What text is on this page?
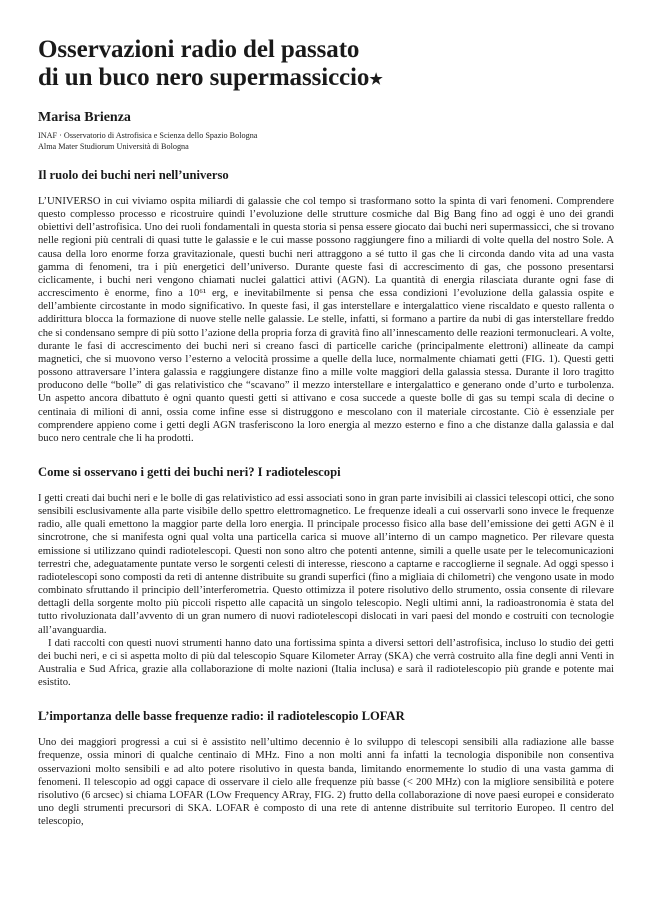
Osservazioni radio del passato
di un buco nero supermassiccio★
Marisa Brienza
INAF · Osservatorio di Astrofisica e Scienza dello Spazio Bologna
Alma Mater Studiorum Università di Bologna
Il ruolo dei buchi neri nell’universo

L’UNIVERSO in cui viviamo ospita miliardi di galassie che col tempo si trasformano sotto la spinta di vari fenomeni. Comprendere questo complesso processo e ricostruire quindi l’evoluzione delle strutture cosmiche dal Big Bang fino ad oggi è uno dei grandi obiettivi dell’astrofisica. Uno dei ruoli fondamentali in questa storia si pensa essere giocato dai buchi neri supermassicci, che si trovano nelle regioni più centrali di quasi tutte le galassie e le cui masse possono raggiungere fino a miliardi di volte quella del nostro Sole. A causa della loro enorme forza gravitazionale, questi buchi neri attraggono a sé tutto il gas che li circonda dando vita ad una vasta gamma di fenomeni, tra i più energetici dell’universo. Durante queste fasi di accrescimento di gas, che possono presentarsi ciclicamente, i buchi neri vengono chiamati nuclei galattici attivi (AGN). La quantità di energia rilasciata durante ogni fase di accrescimento è enorme, fino a 10⁶¹ erg, e inevitabilmente si pensa che essa condizioni l’evoluzione della galassia ospite e dell’ambiente circostante in modo significativo. In queste fasi, il gas interstellare e intergalattico viene riscaldato e questo rallenta o addirittura blocca la formazione di nuove stelle nelle galassie. Le stelle, infatti, si formano a partire da nubi di gas interstellare freddo che si condensano sempre di più sotto l’azione della propria forza di gravità fino all’innescamento delle reazioni termonucleari. A volte, durante le fasi di accrescimento dei buchi neri si creano fasci di particelle cariche (principalmente elettroni) allineate da campi magnetici, che si muovono verso l’esterno a velocità prossime a quelle della luce, normalmente chiamati getti (FIG. 1). Questi getti possono attraversare l’intera galassia e raggiungere distanze fino a mille volte maggiori della galassia stessa. Durante il loro tragitto producono delle “bolle” di gas relativistico che “scavano” il mezzo interstellare e intergalattico e generano onde d’urto e turbolenza. Un aspetto ancora dibattuto è ogni quanto questi getti si attivano e cosa succede a queste bolle di gas su tempi scala di decine o centinaia di milioni di anni, ossia come infine esse si distruggono e mescolano con il materiale circostante. Ciò è essenziale per comprendere appieno come i getti degli AGN trasferiscono la loro energia al mezzo esterno e fino a che distanze dalla galassia e dal buco nero centrale che li ha prodotti.

Come si osservano i getti dei buchi neri? I radiotelescopi

I getti creati dai buchi neri e le bolle di gas relativistico ad essi associati sono in gran parte invisibili ai classici telescopi ottici, che sono sensibili esclusivamente alla parte visibile dello spettro elettromagnetico. Le frequenze ideali a cui osservarli sono invece le frequenze radio, alle quali emettono la maggior parte della loro energia. Il principale processo fisico alla base dell’emissione dei getti AGN è il sincrotrone, che si manifesta ogni qual volta una particella carica si muove all’interno di un campo magnetico. Per rilevare questa emissione si utilizzano quindi radiotelescopi. Questi non sono altro che potenti antenne, simili a quelle usate per le telecomunicazioni terrestri che, adeguatamente puntate verso le sorgenti celesti di interesse, riescono a captarne e raccoglierne il segnale. Ad oggi spesso i radiotelescopi sono composti da reti di antenne distribuite su grandi superfici (fino a migliaia di chilometri) che vengono usate in modo combinato sfruttando il principio dell’interferometria. Questo ottimizza il potere risolutivo dello strumento, ossia consente di rilevare dettagli della sorgente molto più piccoli rispetto alle capacità un singolo telescopio. Negli ultimi anni, la radioastronomia è stata del tutto rivoluzionata dall’avvento di un gran numero di nuovi radiotelescopi dislocati in vari paesi del mondo e costruiti con tecnologie all’avanguardia.

I dati raccolti con questi nuovi strumenti hanno dato una fortissima spinta a diversi settori dell’astrofisica, incluso lo studio dei getti dei buchi neri, e ci si aspetta molto di più dal telescopio Square Kilometer Array (SKA) che verrà costruito alla fine degli anni Venti in Australia e Sud Africa, grazie alla collaborazione di molte nazioni (Italia inclusa) e sarà il radiotelescopio più grande e potente mai esistito.

L’importanza delle basse frequenze radio: il radiotelescopio LOFAR

Uno dei maggiori progressi a cui si è assistito nell’ultimo decennio è lo sviluppo di telescopi sensibili alla radiazione alle basse frequenze, ossia minori di qualche centinaio di MHz. Fino a non molti anni fa infatti la tecnologia disponibile non consentiva osservazioni molto sensibili e ad alto potere risolutivo in questa banda, limitando enormemente lo studio di una vasta gamma di fenomeni. Il telescopio ad oggi capace di osservare il cielo alle frequenze più basse (< 200 MHz) con la migliore sensibilità e potere risolutivo (6 arcsec) si chiama LOFAR (LOw Frequency ARray, FIG. 2) frutto della collaborazione di nove paesi europei e considerato uno degli strumenti precursori di SKA. LOFAR è composto di una rete di antenne distribuite sul territorio Europeo. Il centro del telescopio,
